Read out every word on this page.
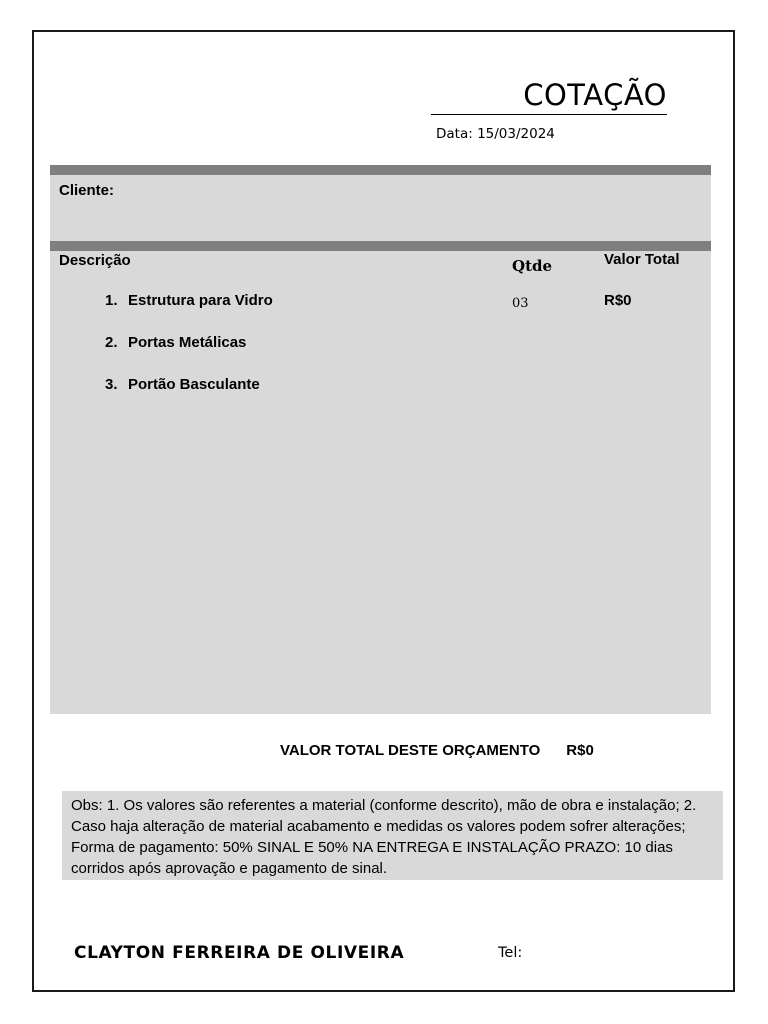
COTAÇÃO
Data: 15/03/2024
Cliente:
Descrição	Qtde	Valor Total
1. Estrutura para Vidro	03	R$0
2. Portas Metálicas
3. Portão Basculante
VALOR TOTAL DESTE ORÇAMENTO R$0
Obs: 1. Os valores são referentes a material (conforme descrito), mão de obra e instalação; 2. Caso haja alteração de material acabamento e medidas os valores podem sofrer alterações; Forma de pagamento: 50% SINAL E 50% NA ENTREGA E INSTALAÇÃO PRAZO: 10 dias corridos após aprovação e pagamento de sinal.
CLAYTON FERREIRA DE OLIVEIRA	Tel:
